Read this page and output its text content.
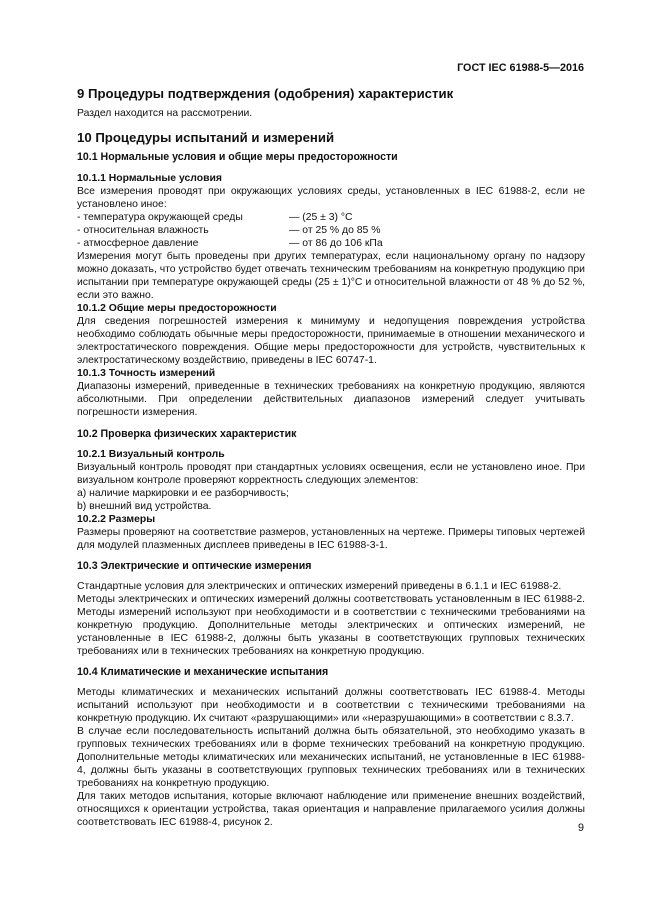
ГОСТ IEC 61988-5—2016
9 Процедуры подтверждения (одобрения) характеристик
Раздел находится на рассмотрении.
10 Процедуры испытаний и измерений
10.1 Нормальные условия и общие меры предосторожности
10.1.1 Нормальные условия
Все измерения проводят при окружающих условиях среды, установленных в IEC 61988-2, если не установлено иное:
- температура окружающей среды	— (25 ± 3) °С
- относительная влажность	— от 25 % до 85 %
- атмосферное давление	— от 86 до 106 кПа
Измерения могут быть проведены при других температурах, если национальному органу по надзору можно доказать, что устройство будет отвечать техническим требованиям на конкретную продукцию при испытании при температуре окружающей среды (25 ± 1)°С и относительной влажности от 48 % до 52 %, если это важно.
10.1.2 Общие меры предосторожности
Для сведения погрешностей измерения к минимуму и недопущения повреждения устройства необходимо соблюдать обычные меры предосторожности, принимаемые в отношении механического и электростатического повреждения. Общие меры предосторожности для устройств, чувствительных к электростатическому воздействию, приведены в IEC 60747-1.
10.1.3 Точность измерений
Диапазоны измерений, приведенные в технических требованиях на конкретную продукцию, являются абсолютными. При определении действительных диапазонов измерений следует учитывать погрешности измерения.
10.2 Проверка физических характеристик
10.2.1 Визуальный контроль
Визуальный контроль проводят при стандартных условиях освещения, если не установлено иное. При визуальном контроле проверяют корректность следующих элементов:
a) наличие маркировки и ее разборчивость;
b) внешний вид устройства.
10.2.2 Размеры
Размеры проверяют на соответствие размеров, установленных на чертеже. Примеры типовых чертежей для модулей плазменных дисплеев приведены в IEC 61988-3-1.
10.3 Электрические и оптические измерения
Стандартные условия для электрических и оптических измерений приведены в 6.1.1 и IEC 61988-2.
Методы электрических и оптических измерений должны соответствовать установленным в IEC 61988-2. Методы измерений используют при необходимости и в соответствии с техническими требованиями на конкретную продукцию. Дополнительные методы электрических и оптических измерений, не установленные в IEC 61988-2, должны быть указаны в соответствующих групповых технических требованиях или в технических требованиях на конкретную продукцию.
10.4 Климатические и механические испытания
Методы климатических и механических испытаний должны соответствовать IEC 61988-4. Методы испытаний используют при необходимости и в соответствии с техническими требованиями на конкретную продукцию. Их считают «разрушающими» или «неразрушающими» в соответствии с 8.3.7.
В случае если последовательность испытаний должна быть обязательной, это необходимо указать в групповых технических требованиях или в форме технических требований на конкретную продукцию. Дополнительные методы климатических или механических испытаний, не установленные в IEC 61988-4, должны быть указаны в соответствующих групповых технических требованиях или в технических требованиях на конкретную продукцию.
Для таких методов испытания, которые включают наблюдение или применение внешних воздействий, относящихся к ориентации устройства, такая ориентация и направление прилагаемого усилия должны соответствовать IEC 61988-4, рисунок 2.	9
